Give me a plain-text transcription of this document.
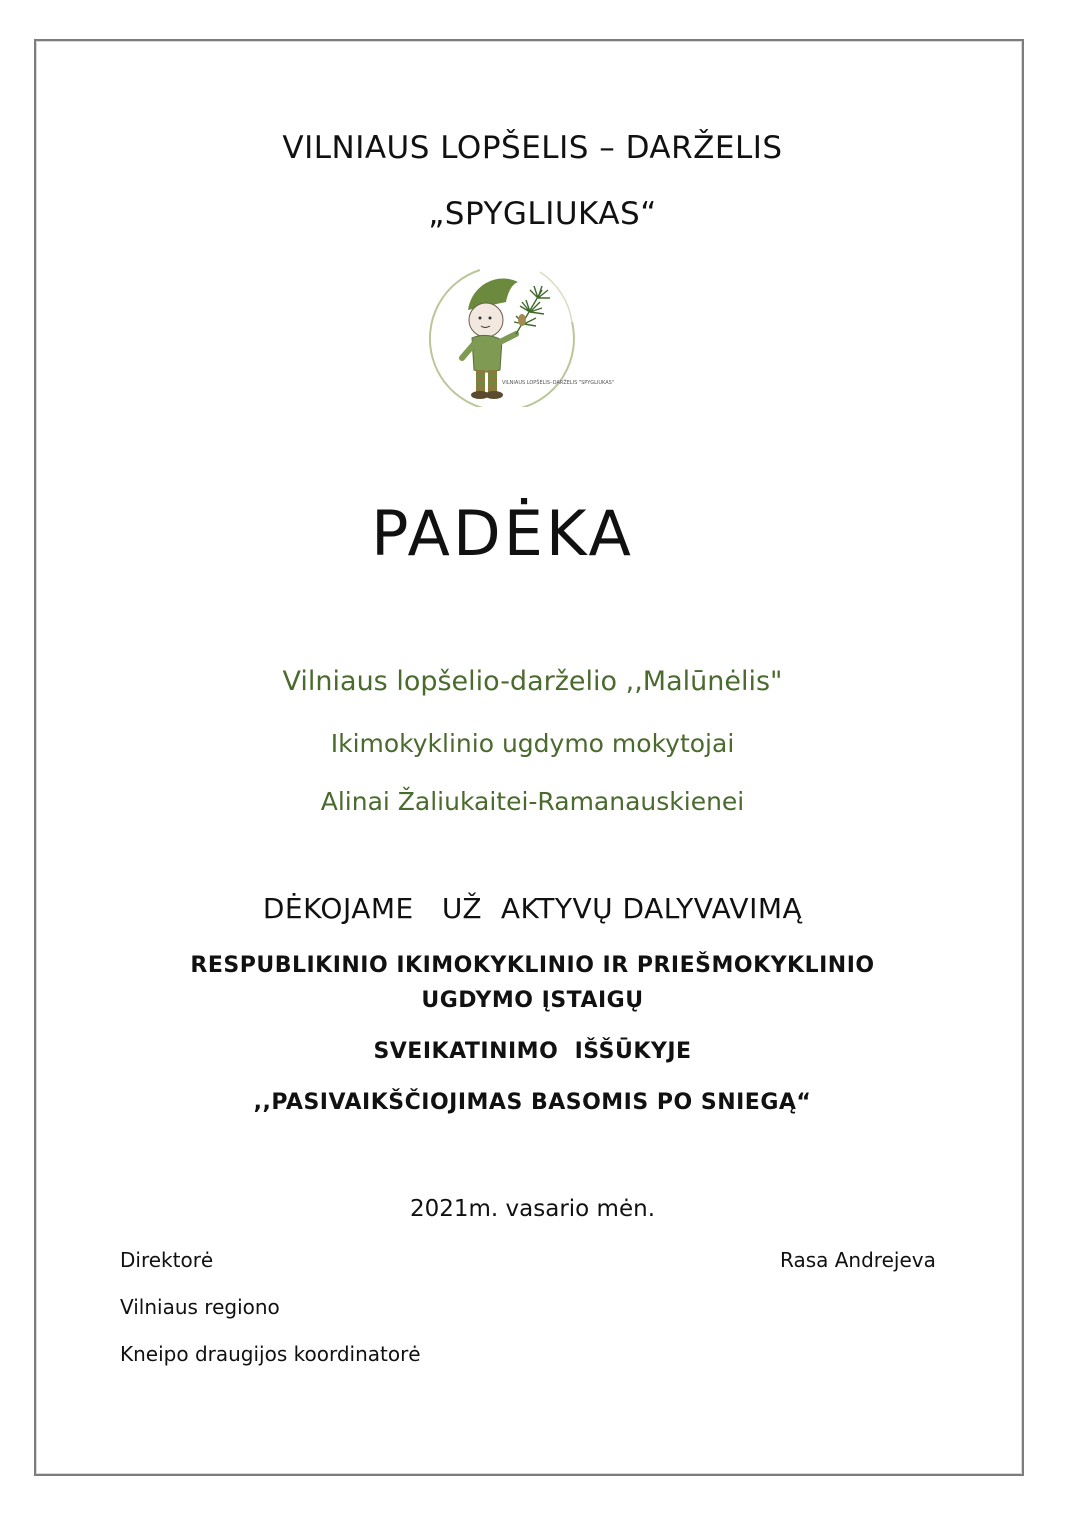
VILNIAUS LOPŠELIS – DARŽELIS
„SPYGLIUKAS“
VILNIAUS LOPŠELIS–DARŽELIS "SPYGLIUKAS"
PADĖKA
Vilniaus lopšelio-darželio ,,Malūnėlis"
Ikimokyklinio ugdymo mokytojai
Alinai Žaliukaitei-Ramanauskienei
DĖKOJAME   UŽ  AKTYVŲ DALYVAVIMĄ
RESPUBLIKINIO IKIMOKYKLINIO IR PRIEŠMOKYKLINIO
UGDYMO ĮSTAIGŲ
SVEIKATINIMO  IŠŠŪKYJE
,,PASIVAIKŠČIOJIMAS BASOMIS PO SNIEGĄ“
2021m. vasario mėn.
Direktorė	Rasa Andrejeva
Vilniaus regiono
Kneipo draugijos koordinatorė
